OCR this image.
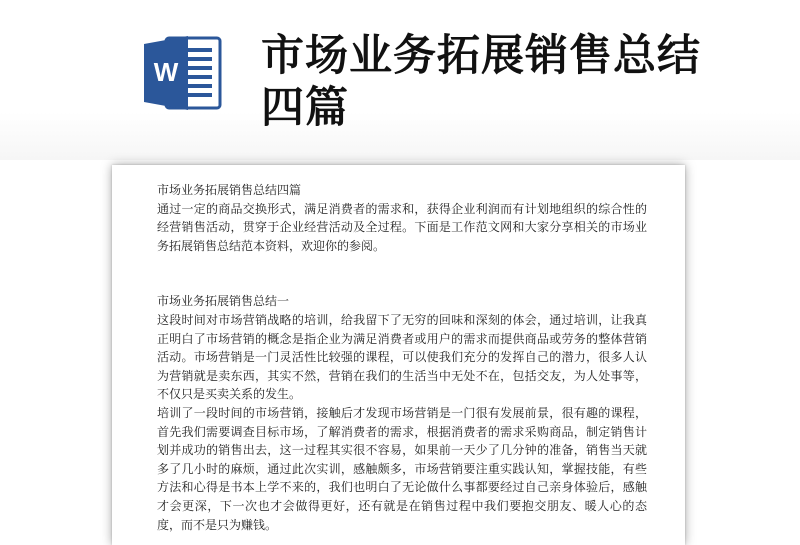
W 市场业务拓展销售总结四篇

市场业务拓展销售总结四篇

通过一定的商品交换形式，满足消费者的需求和，获得企业利润而有计划地组织的综合性的经营销售活动，贯穿于企业经营活动及全过程。下面是工作范文网和大家分享相关的市场业务拓展销售总结范本资料，欢迎你的参阅。

市场业务拓展销售总结一

这段时间对市场营销战略的培训，给我留下了无穷的回味和深刻的体会，通过培训，让我真正明白了市场营销的概念是指企业为满足消费者或用户的需求而提供商品或劳务的整体营销活动。市场营销是一门灵活性比较强的课程，可以使我们充分的发挥自己的潜力，很多人认为营销就是卖东西，其实不然，营销在我们的生活当中无处不在，包括交友，为人处事等，不仅只是买卖关系的发生。

培训了一段时间的市场营销，接触后才发现市场营销是一门很有发展前景，很有趣的课程，首先我们需要调查目标市场，了解消费者的需求，根据消费者的需求采购商品，制定销售计划并成功的销售出去，这一过程其实很不容易，如果前一天少了几分钟的准备，销售当天就多了几小时的麻烦，通过此次实训，感触颇多，市场营销要注重实践认知，掌握技能，有些方法和心得是书本上学不来的，我们也明白了无论做什么事都要经过自己亲身体验后，感触才会更深，下一次也才会做得更好，还有就是在销售过程中我们要抱交朋友、暖人心的态度，而不是只为赚钱。
